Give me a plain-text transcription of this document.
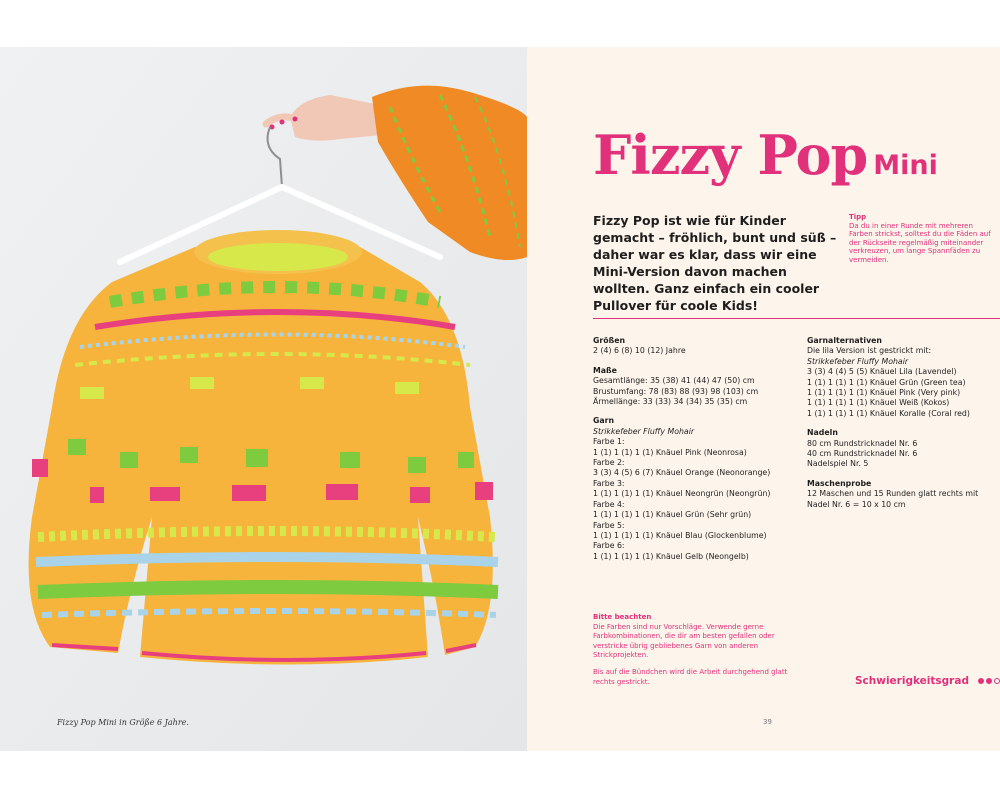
Fizzy Pop Mini in Größe 6 Jahre.
Fizzy Pop Mini
Fizzy Pop ist wie für Kinder gemacht – fröhlich, bunt und süß – daher war es klar, dass wir eine Mini-Version davon machen wollten. Ganz einfach ein cooler Pullover für coole Kids!
Tipp
Da du in einer Runde mit mehreren Farben strickst, solltest du die Fäden auf der Rückseite regelmäßig miteinander verkreuzen, um lange Spannfäden zu vermeiden.
Größen
2 (4) 6 (8) 10 (12) Jahre
Maße
Gesamtlänge: 35 (38) 41 (44) 47 (50) cm
Brustumfang: 78 (83) 88 (93) 98 (103) cm
Ärmellänge: 33 (33) 34 (34) 35 (35) cm
Garn
Strikkefeber Fluffy Mohair
Farbe 1:
1 (1) 1 (1) 1 (1) Knäuel Pink (Neonrosa)
Farbe 2:
3 (3) 4 (5) 6 (7) Knäuel Orange (Neonorange)
Farbe 3:
1 (1) 1 (1) 1 (1) Knäuel Neongrün (Neongrün)
Farbe 4:
1 (1) 1 (1) 1 (1) Knäuel Grün (Sehr grün)
Farbe 5:
1 (1) 1 (1) 1 (1) Knäuel Blau (Glockenblume)
Farbe 6:
1 (1) 1 (1) 1 (1) Knäuel Gelb (Neongelb)
Garnalternativen
Die lila Version ist gestrickt mit:
Strikkefeber Fluffy Mohair
3 (3) 4 (4) 5 (5) Knäuel Lila (Lavendel)
1 (1) 1 (1) 1 (1) Knäuel Grün (Green tea)
1 (1) 1 (1) 1 (1) Knäuel Pink (Very pink)
1 (1) 1 (1) 1 (1) Knäuel Weiß (Kokos)
1 (1) 1 (1) 1 (1) Knäuel Koralle (Coral red)
Nadeln
80 cm Rundstricknadel Nr. 6
40 cm Rundstricknadel Nr. 6
Nadelspiel Nr. 5
Maschenprobe
12 Maschen und 15 Runden glatt rechts mit
Nadel Nr. 6 = 10 x 10 cm
Bitte beachten

Die Farben sind nur Vorschläge. Verwende gerne Farbkombinationen, die dir am besten gefallen oder verstricke übrig gebliebenes Garn von anderen Strickprojekten.

Bis auf die Bündchen wird die Arbeit durchgehend glatt rechts gestrickt.	Schwierigkeitsgrad
39
